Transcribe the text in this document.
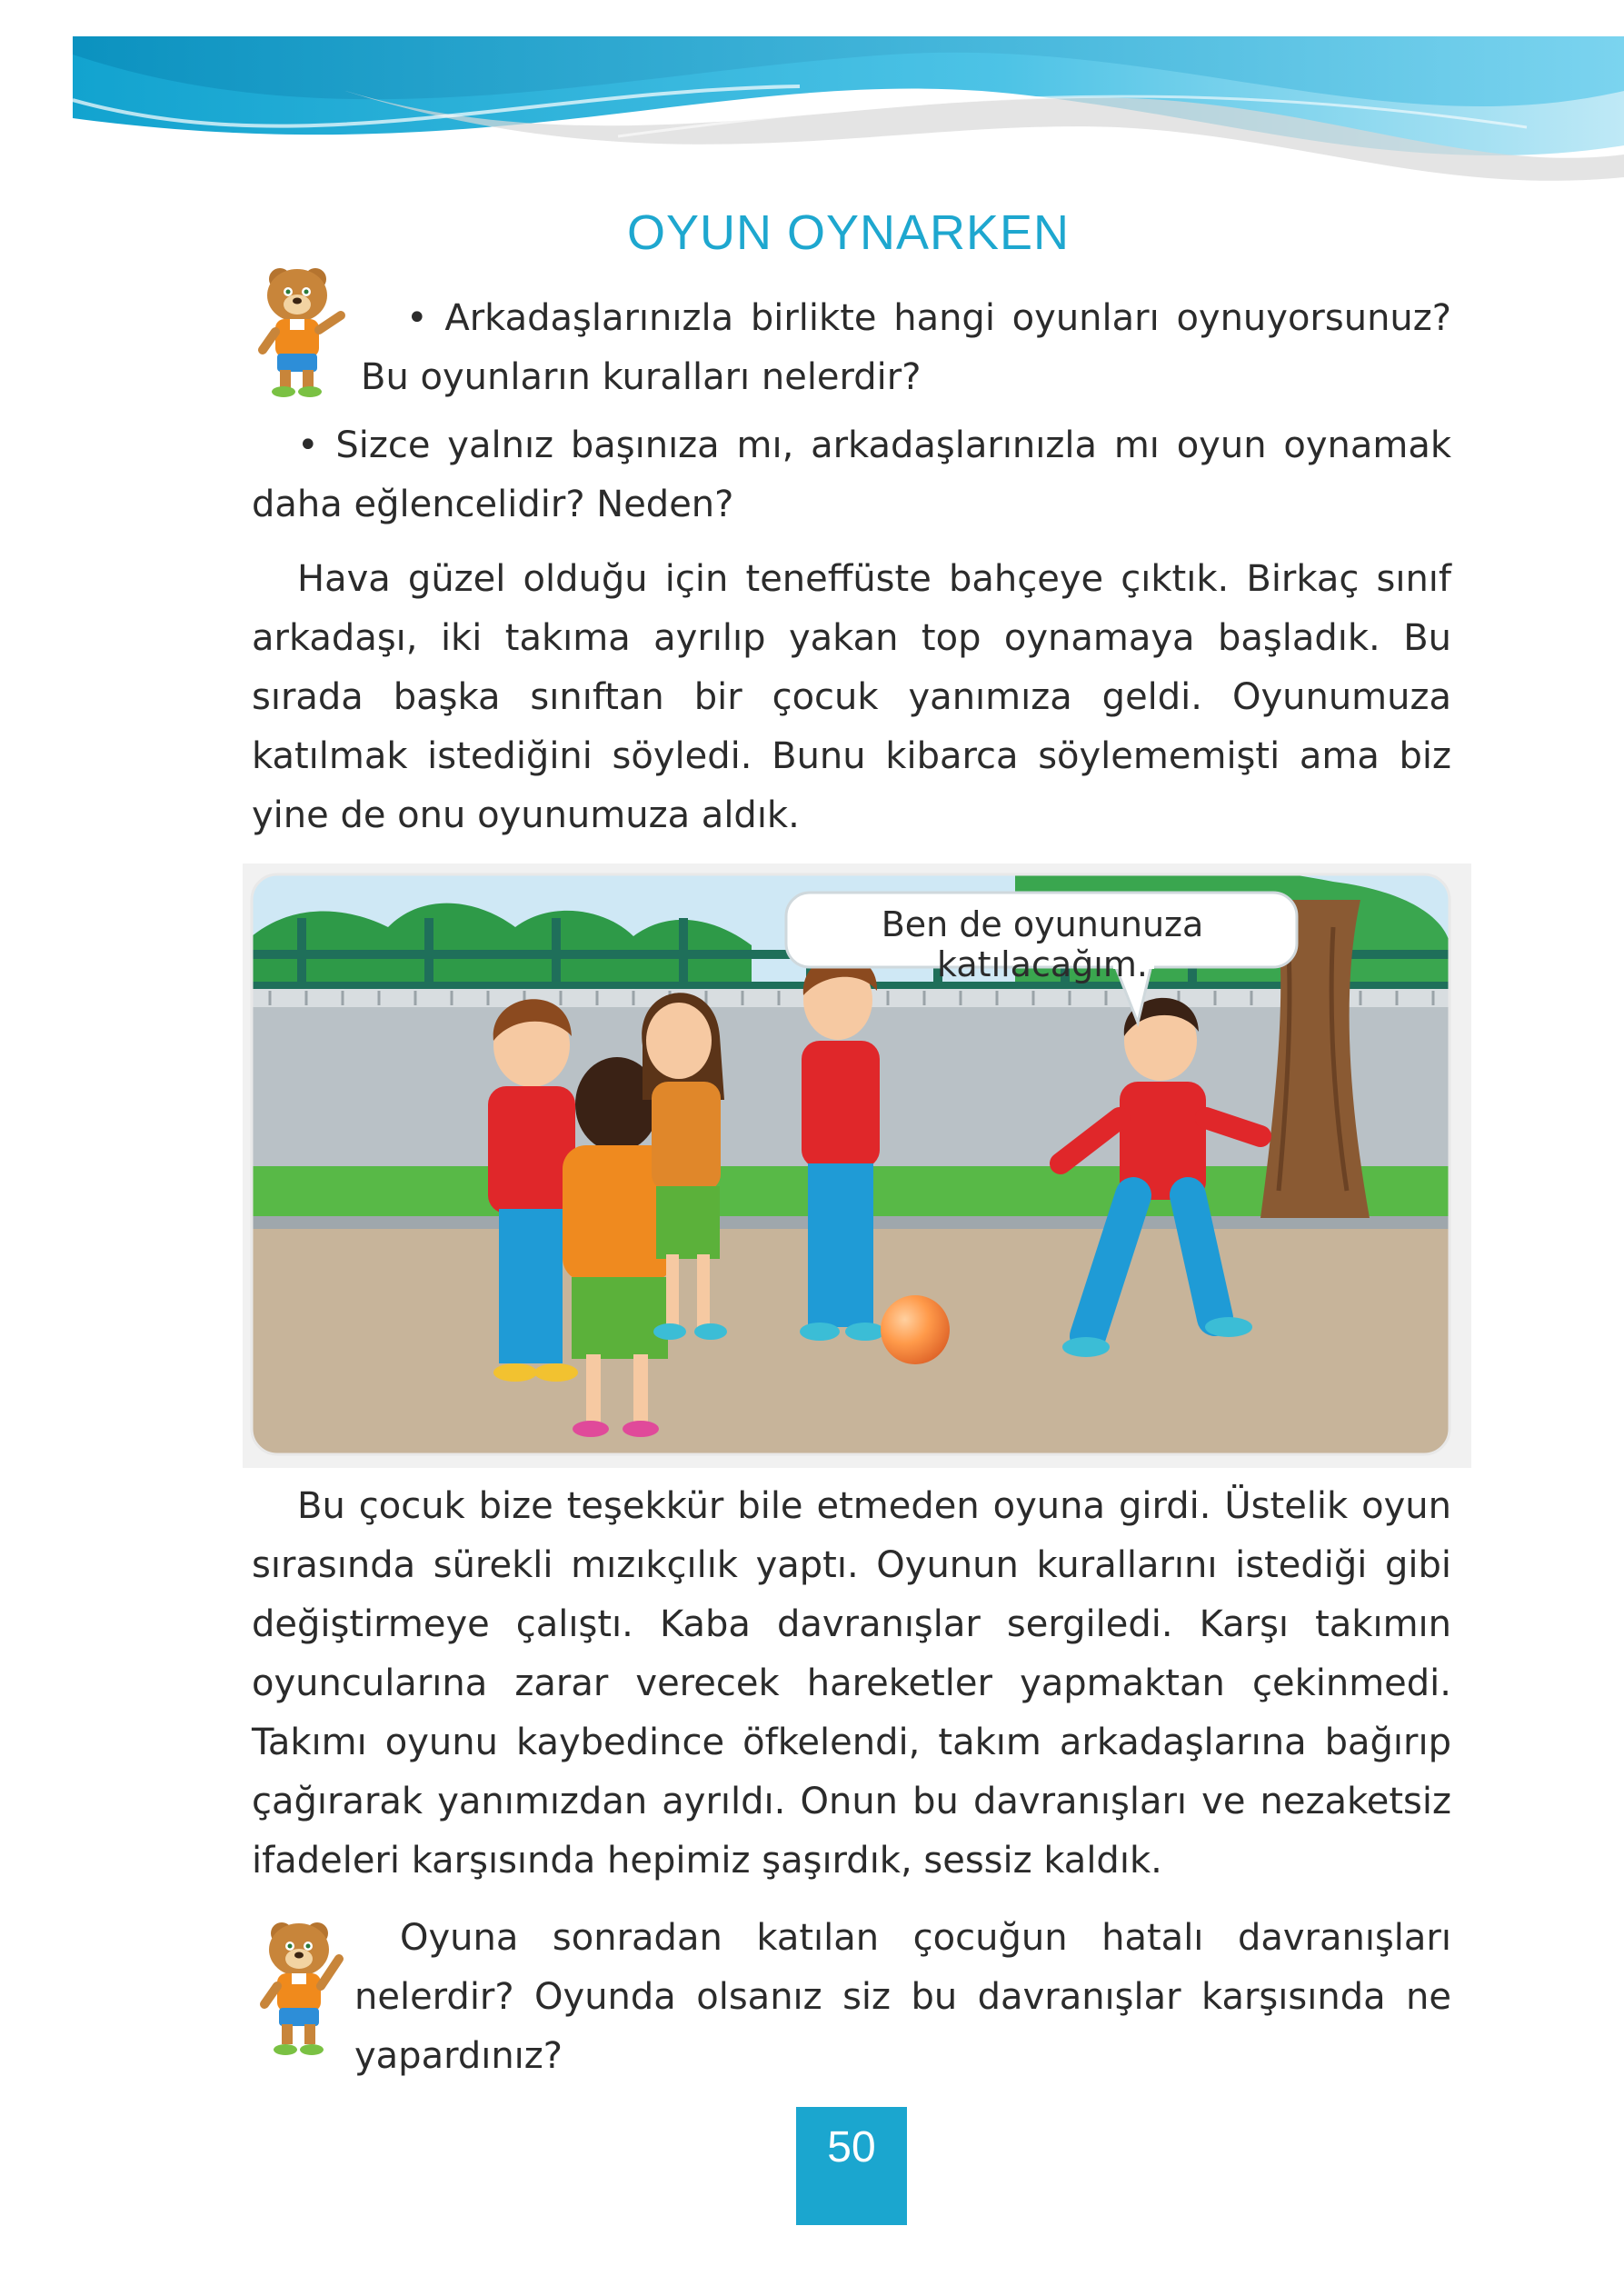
OYUN OYNARKEN

• Arkadaşlarınızla birlikte hangi oyunları oynuyorsunuz? Bu oyunların kuralları nelerdir?

• Sizce yalnız başınıza mı, arkadaşlarınızla mı oyun oynamak daha eğlencelidir? Neden?

Hava güzel olduğu için teneffüste bahçeye çıktık. Birkaç sınıf arkadaşı, iki takıma ayrılıp yakan top oynamaya başladık. Bu sırada başka sınıftan bir çocuk yanımıza geldi. Oyunumuza katılmak istediğini söyledi. Bunu kibarca söylememişti ama biz yine de onu oyunumuza aldık.

Ben de oyununuza katılacağım.

Bu çocuk bize teşekkür bile etmeden oyuna girdi. Üstelik oyun sırasında sürekli mızıkçılık yaptı. Oyunun kurallarını istediği gibi değiştirmeye çalıştı. Kaba davranışlar sergiledi. Karşı takımın oyuncularına zarar verecek hareketler yapmaktan çekinmedi. Takımı oyunu kaybedince öfkelendi, takım arkadaşlarına bağırıp çağırarak yanımızdan ayrıldı. Onun bu davranışları ve nezaketsiz ifadeleri karşısında hepimiz şaşırdık, sessiz kaldık.

Oyuna sonradan katılan çocuğun hatalı davranışları nelerdir? Oyunda olsanız siz bu davranışlar karşısında ne yapardınız?

50
